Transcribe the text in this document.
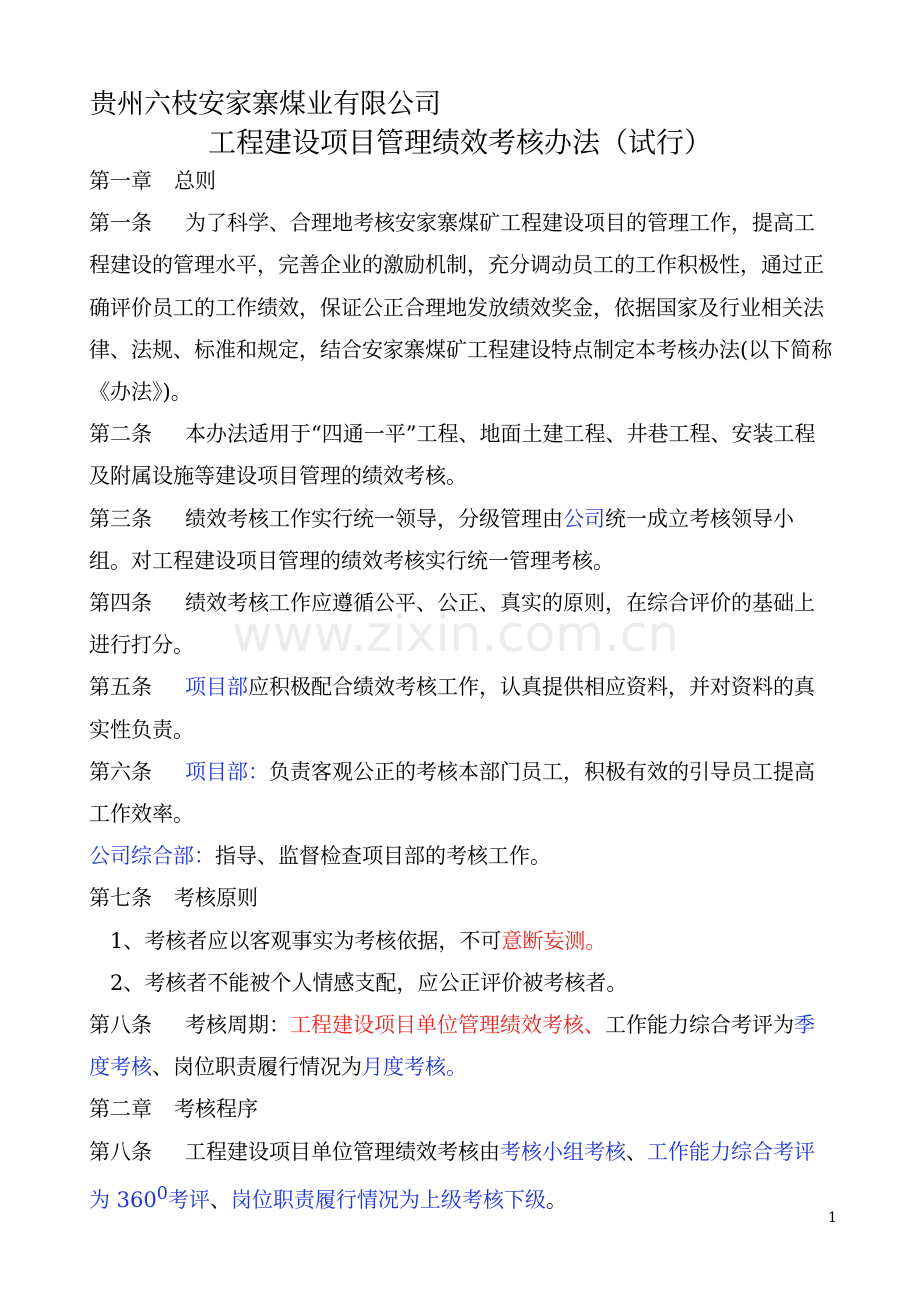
www.zixin.com.cn
贵州六枝安家寨煤业有限公司
工程建设项目管理绩效考核办法（试行）

第一章 总则

第一条 为了科学、合理地考核安家寨煤矿工程建设项目的管理工作，提高工程建设的管理水平，完善企业的激励机制，充分调动员工的工作积极性，通过正确评价员工的工作绩效，保证公正合理地发放绩效奖金，依据国家及行业相关法律、法规、标准和规定，结合安家寨煤矿工程建设特点制定本考核办法(以下简称《办法》)。

第二条 本办法适用于“四通一平”工程、地面土建工程、井巷工程、安装工程及附属设施等建设项目管理的绩效考核。

第三条 绩效考核工作实行统一领导，分级管理由公司统一成立考核领导小组。对工程建设项目管理的绩效考核实行统一管理考核。

第四条 绩效考核工作应遵循公平、公正、真实的原则，在综合评价的基础上进行打分。

第五条 项目部应积极配合绩效考核工作，认真提供相应资料，并对资料的真实性负责。

第六条 项目部：负责客观公正的考核本部门员工，积极有效的引导员工提高工作效率。

公司综合部：指导、监督检查项目部的考核工作。

第七条 考核原则

1、考核者应以客观事实为考核依据，不可意断妄测。

2、考核者不能被个人情感支配，应公正评价被考核者。

第八条 考核周期：工程建设项目单位管理绩效考核、工作能力综合考评为季度考核、岗位职责履行情况为月度考核。

第二章 考核程序

第八条 工程建设项目单位管理绩效考核由考核小组考核、工作能力综合考评为 $360^0$考评、岗位职责履行情况为上级考核下级。

1
